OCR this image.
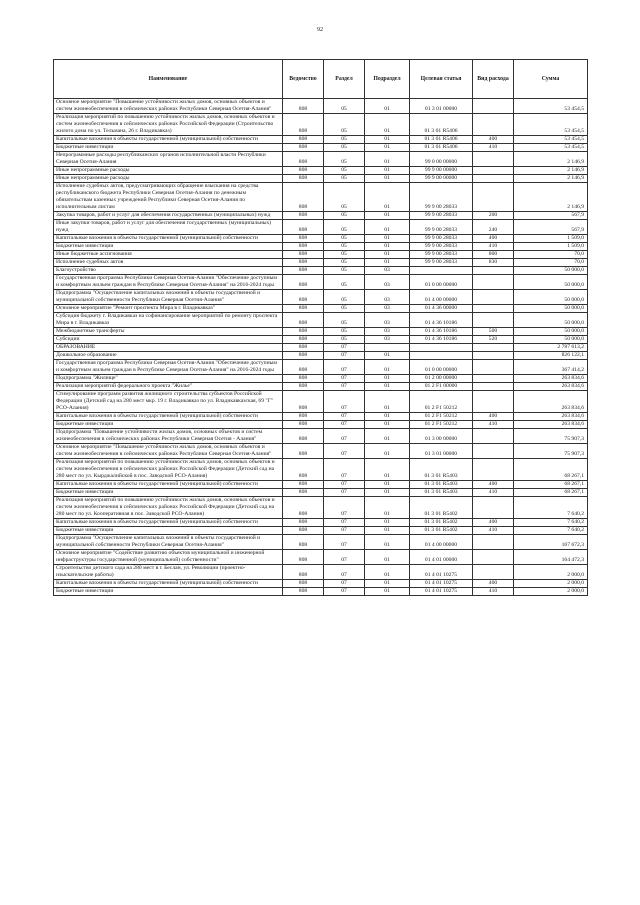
92
Наименование	Ведомство	Раздел	Подраздел	Целевая статья	Вид расхода	Сумма
Основное мероприятие "Повышение устойчивости жилых домов, основных объектов и систем жизнеобеспечения в сейсмических районах Республики Северная Осетия-Алания"	808	05	01	01 3 01 00000		53 454,5
Реализация мероприятий по повышению устойчивости жилых домов, основных объектов и систем жизнеобеспечения в сейсмических районах Российской Федерации (Строительство жилого дома по ул. Тельмана, 26 г. Владикавказ)	808	05	01	01 3 01 R5406		53 454,5
Капитальные вложения в объекты государственной (муниципальной) собственности	808	05	01	01 3 01 R5406	400	53 454,5
Бюджетные инвестиции	808	05	01	01 3 01 R5406	410	53 454,5
Непрограммные расходы республиканских органов исполнительной власти Республики Северная Осетия-Алания	808	05	01	99 0 00 00000		2 146,9
Иные непрограммные расходы	808	05	01	99 9 00 00000		2 146,9
Иные непрограммные расходы	808	05	01	99 9 00 00000		2 146,9
Исполнение судебных актов, предусматривающих обращение взыскания на средства республиканского бюджета Республики Северная Осетия-Алания по денежным обязательствам казенных учреждений Республики Северная Осетия-Алания по исполнительным листам	808	05	01	99 9 00 28033		2 146,9
Закупка товаров, работ и услуг для обеспечения государственных (муниципальных) нужд	808	05	01	99 9 00 28033	200	567,9
Иные закупки товаров, работ и услуг для обеспечения государственных (муниципальных) нужд	808	05	01	99 9 00 28033	240	567,9
Капитальные вложения в объекты государственной (муниципальной) собственности	808	05	01	99 9 00 28033	400	1 509,0
Бюджетные инвестиции	808	05	01	99 9 00 28033	410	1 509,0
Иные бюджетные ассигнования	808	05	01	99 9 00 28033	800	70,0
Исполнение судебных актов	808	05	01	99 9 00 28033	830	70,0
Благоустройство	808	05	03			50 000,0
Государственная программа Республики Северная Осетия-Алания "Обеспечение доступным и комфортным жильем граждан в Республике Северная Осетия-Алания" на 2016-2024 годы	808	05	03	01 0 00 00000		50 000,0
Подпрограмма "Осуществление капитальных вложений в объекты государственной и муниципальной собственности Республики Северная Осетия-Алания"	808	05	03	01 4 00 00000		50 000,0
Основное мероприятие "Ремонт проспекта Мира в г. Владикавказ"	808	05	03	01 4 36 00000		50 000,0
Субсидия бюджету г. Владикавказ на софинансирование мероприятий по ремонту проспекта Мира в г. Владикавказ	808	05	03	01 4 36 10186		50 000,0
Межбюджетные трансферты	808	05	03	01 4 36 10186	500	50 000,0
Субсидии	808	05	03	01 4 36 10186	520	50 000,0
ОБРАЗОВАНИЕ	808	07				2 787 613,2
Дошкольное образование	808	07	01			826 122,1
Государственная программа Республики Северная Осетия-Алания "Обеспечение доступным и комфортным жильем граждан в Республике Северная Осетия-Алания" на 2016-2024 годы	808	07	01	01 0 00 00000		367 414,2
Подпрограмма "Жилище"	808	07	01	01 2 00 00000		263 834,6
Реализация мероприятий федерального проекта "Жилье"	808	07	01	01 2 F1 00000		263 834,6
Стимулирование программ развития жилищного строительства субъектов Российской Федерации (Детский сад на 280 мест мкр. 19 г. Владикавказ по ул. Владикавказская, 69 "Г" РСО-Алания)	808	07	01	01 2 F1 50212		263 834,6
Капитальные вложения в объекты государственной (муниципальной) собственности	808	07	01	01 2 F1 50212	400	263 834,6
Бюджетные инвестиции	808	07	01	01 2 F1 50212	410	263 834,6
Подпрограмма "Повышение устойчивости жилых домов, основных объектов и систем жизнеобеспечения в сейсмических районах Республики Северная Осетия - Алания"	808	07	01	01 3 00 00000		75 907,3
Основное мероприятие "Повышение устойчивости жилых домов, основных объектов и систем жизнеобеспечения в сейсмических районах Республики Северная Осетия-Алания"	808	07	01	01 3 01 00000		75 907,3
Реализация мероприятий по повышению устойчивости жилых домов, основных объектов и систем жизнеобеспечения в сейсмических районах Российской Федерации (Детский сад на 280 мест по ул. Кырджалийской в пос. Заводской РСО-Алания)	808	07	01	01 3 01 R5403		68 267,1
Капитальные вложения в объекты государственной (муниципальной) собственности	808	07	01	01 3 01 R5403	400	68 267,1
Бюджетные инвестиции	808	07	01	01 3 01 R5403	410	68 267,1
Реализация мероприятий по повышению устойчивости жилых домов, основных объектов и систем жизнеобеспечения в сейсмических районах Российской Федерации (Детский сад на 280 мест по ул. Кооперативная в пос. Заводской РСО-Алания)	808	07	01	01 3 01 R5402		7 640,2
Капитальные вложения в объекты государственной (муниципальной) собственности	808	07	01	01 3 01 R5402	400	7 640,2
Бюджетные инвестиции	808	07	01	01 3 01 R5402	410	7 640,2
Подпрограмма "Осуществление капитальных вложений в объекты государственной и муниципальной собственности Республики Северная Осетия-Алания"	808	07	01	01 4 00 00000		167 672,3
Основное мероприятие "Содействие развитию объектов муниципальной и инженерной инфраструктуры государственной (муниципальной) собственности"	808	07	01	01 4 01 00000		164 472,3
Строительство детского сада на 280 мест в г. Беслан, ул. Революции (проектно-изыскательские работы)	808	07	01	01 4 01 10275		2 000,0
Капитальные вложения в объекты государственной (муниципальной) собственности	808	07	01	01 4 01 10275	400	2 000,0
Бюджетные инвестиции	808	07	01	01 4 01 10275	410	2 000,0
